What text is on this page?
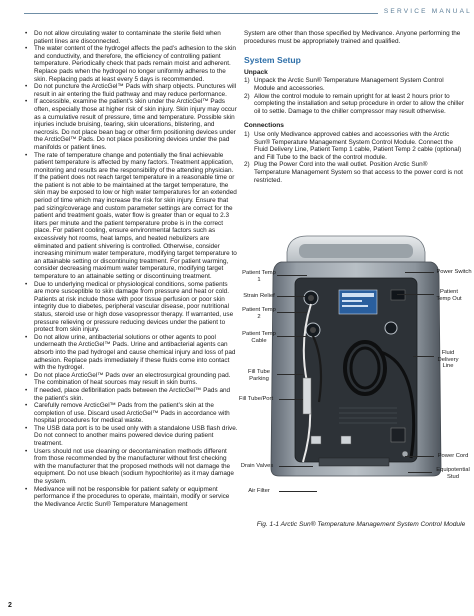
SERVICE MANUAL
• Do not allow circulating water to contaminate the sterile field when patient lines are disconnected.
• The water content of the hydrogel affects the pad’s adhesion to the skin and conductivity, and therefore, the efficiency of controlling patient temperature. Periodically check that pads remain moist and adherent. Replace pads when the hydrogel no longer uniformly adheres to the skin. Replacing pads at least every 5 days is recommended.
• Do not puncture the ArcticGel™ Pads with sharp objects. Punctures will result in air entering the fluid pathway and may reduce performance.
• If accessible, examine the patient’s skin under the ArcticGel™ Pads often, especially those at higher risk of skin injury. Skin injury may occur as a cumulative result of pressure, time and temperature. Possible skin injuries include bruising, tearing, skin ulcerations, blistering, and necrosis. Do not place bean bag or other firm positioning devices under the ArcticGel™ Pads. Do not place positioning devices under the pad manifolds or patient lines.
• The rate of temperature change and potentially the final achievable patient temperature is affected by many factors. Treatment application, monitoring and results are the responsibility of the attending physician. If the patient does not reach target temperature in a reasonable time or the patient is not able to be maintained at the target temperature, the skin may be exposed to low or high water temperatures for an extended period of time which may increase the risk for skin injury. Ensure that pad sizing/coverage and custom parameter settings are correct for the patient and treatment goals, water flow is greater than or equal to 2.3 liters per minute and the patient temperature probe is in the correct place. For patient cooling, ensure environmental factors such as excessively hot rooms, heat lamps, and heated nebulizers are eliminated and patient shivering is controlled. Otherwise, consider increasing minimum water temperature, modifying target temperature to an attainable setting or discontinuing treatment. For patient warming, consider decreasing maximum water temperature, modifying target temperature to an attainable setting or discontinuing treatment.
• Due to underlying medical or physiological conditions, some patients are more susceptible to skin damage from pressure and heat or cold. Patients at risk include those with poor tissue perfusion or poor skin integrity due to diabetes, peripheral vascular disease, poor nutritional status, steroid use or high dose vasopressor therapy. If warranted, use pressure relieving or pressure reducing devices under the patient to protect from skin injury.
• Do not allow urine, antibacterial solutions or other agents to pool underneath the ArcticGel™ Pads. Urine and antibacterial agents can absorb into the pad hydrogel and cause chemical injury and loss of pad adhesion. Replace pads immediately if these fluids come into contact with the hydrogel.
• Do not place ArcticGel™ Pads over an electrosurgical grounding pad. The combination of heat sources may result in skin burns.
• If needed, place defibrillation pads between the ArcticGel™ Pads and the patient’s skin.
• Carefully remove ArcticGel™ Pads from the patient’s skin at the completion of use. Discard used ArcticGel™ Pads in accordance with hospital procedures for medical waste.
• The USB data port is to be used only with a standalone USB flash drive. Do not connect to another mains powered device during patient treatment.
• Users should not use cleaning or decontamination methods different from those recommended by the manufacturer without first checking with the manufacturer that the proposed methods will not damage the equipment. Do not use bleach (sodium hypochlorite) as it may damage the system.
• Medivance will not be responsible for patient safety or equipment performance if the procedures to operate, maintain, modify or service the Medivance Arctic Sun® Temperature Management

System are other than those specified by Medivance. Anyone performing the procedures must be appropriately trained and qualified.

System Setup
Unpack
1) Unpack the Arctic Sun® Temperature Management System Control Module and accessories.
2) Allow the control module to remain upright for at least 2 hours prior to completing the installation and setup procedure in order to allow the chiller oil to settle. Damage to the chiller compressor may result otherwise.
Connections
1) Use only Medivance approved cables and accessories with the Arctic Sun® Temperature Management System Control Module. Connect the Fluid Delivery Line, Patient Temp 1 cable, Patient Temp 2 cable (optional) and Fill Tube to the back of the control module.
2) Plug the Power Cord into the wall outlet. Position Arctic Sun® Temperature Management System so that access to the power cord is not restricted.
Patient Temp 1
Strain Relief
Patient Temp 2
Patient Temp Cable
Fill Tube Parking
Fill Tube/Port
Drain Valves
Air Filter
Power Switch
Patient Temp Out
Fluid Delivery Line
Power Cord
Equipotential Stud
Fig. 1-1 Arctic Sun® Temperature Management System Control Module
2
